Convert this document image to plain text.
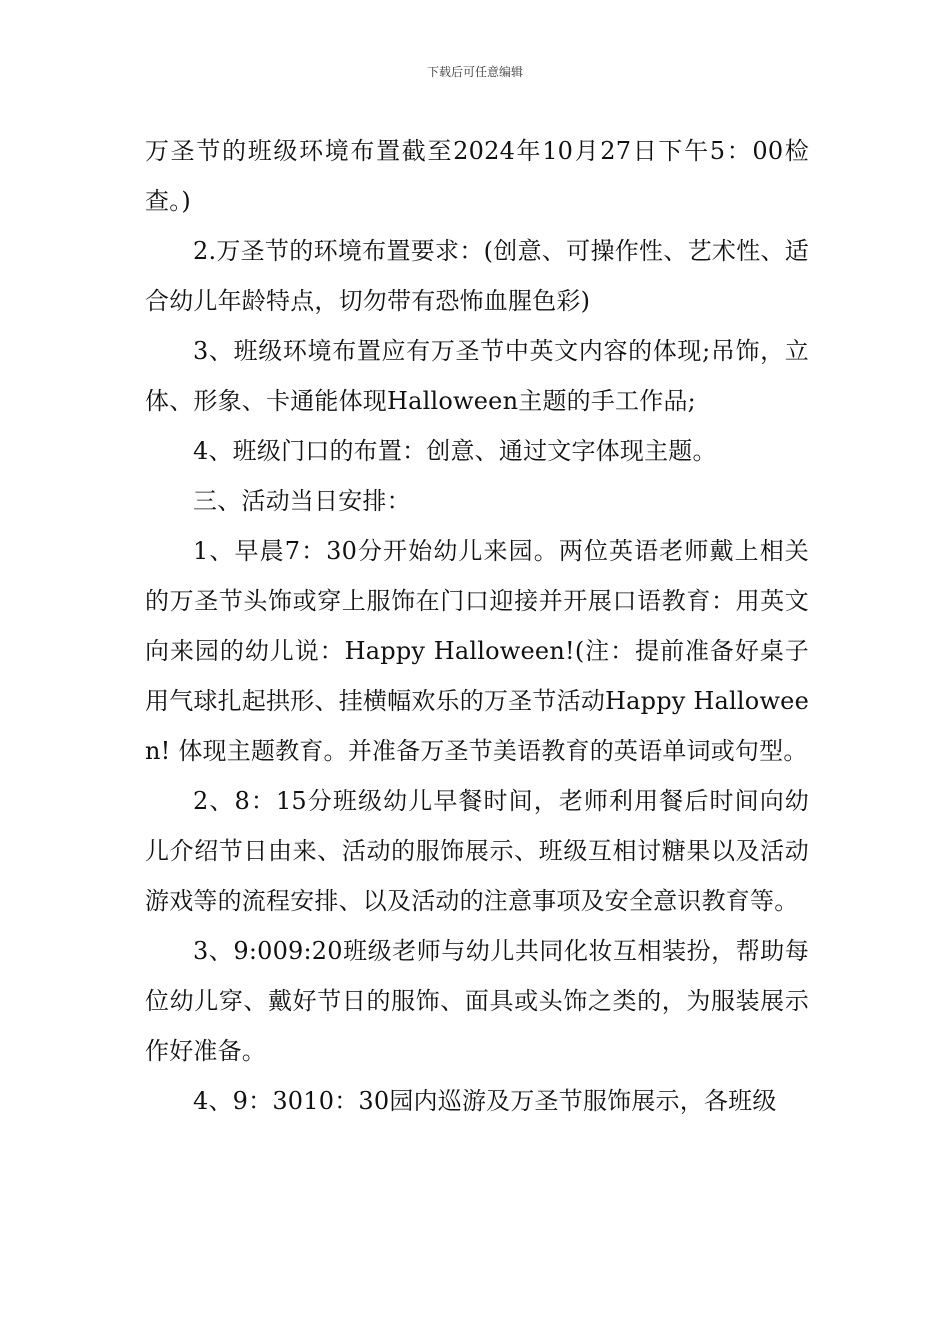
下载后可任意编辑

万圣节的班级环境布置截至2024年10月27日下午5：00检查。)

2.万圣节的环境布置要求：(创意、可操作性、艺术性、适合幼儿年龄特点，切勿带有恐怖血腥色彩)

3、班级环境布置应有万圣节中英文内容的体现;吊饰，立体、形象、卡通能体现Halloween主题的手工作品;

4、班级门口的布置：创意、通过文字体现主题。

三、活动当日安排：

1、早晨7：30分开始幼儿来园。两位英语老师戴上相关的万圣节头饰或穿上服饰在门口迎接并开展口语教育：用英文向来园的幼儿说：Happy Halloween!(注：提前准备好桌子用气球扎起拱形、挂横幅欢乐的万圣节活动Happy Halloween! 体现主题教育。并准备万圣节美语教育的英语单词或句型。

2、8：15分班级幼儿早餐时间，老师利用餐后时间向幼儿介绍节日由来、活动的服饰展示、班级互相讨糖果以及活动游戏等的流程安排、以及活动的注意事项及安全意识教育等。

3、9:009:20班级老师与幼儿共同化妆互相装扮，帮助每位幼儿穿、戴好节日的服饰、面具或头饰之类的，为服装展示作好准备。

4、9：3010：30园内巡游及万圣节服饰展示，各班级
